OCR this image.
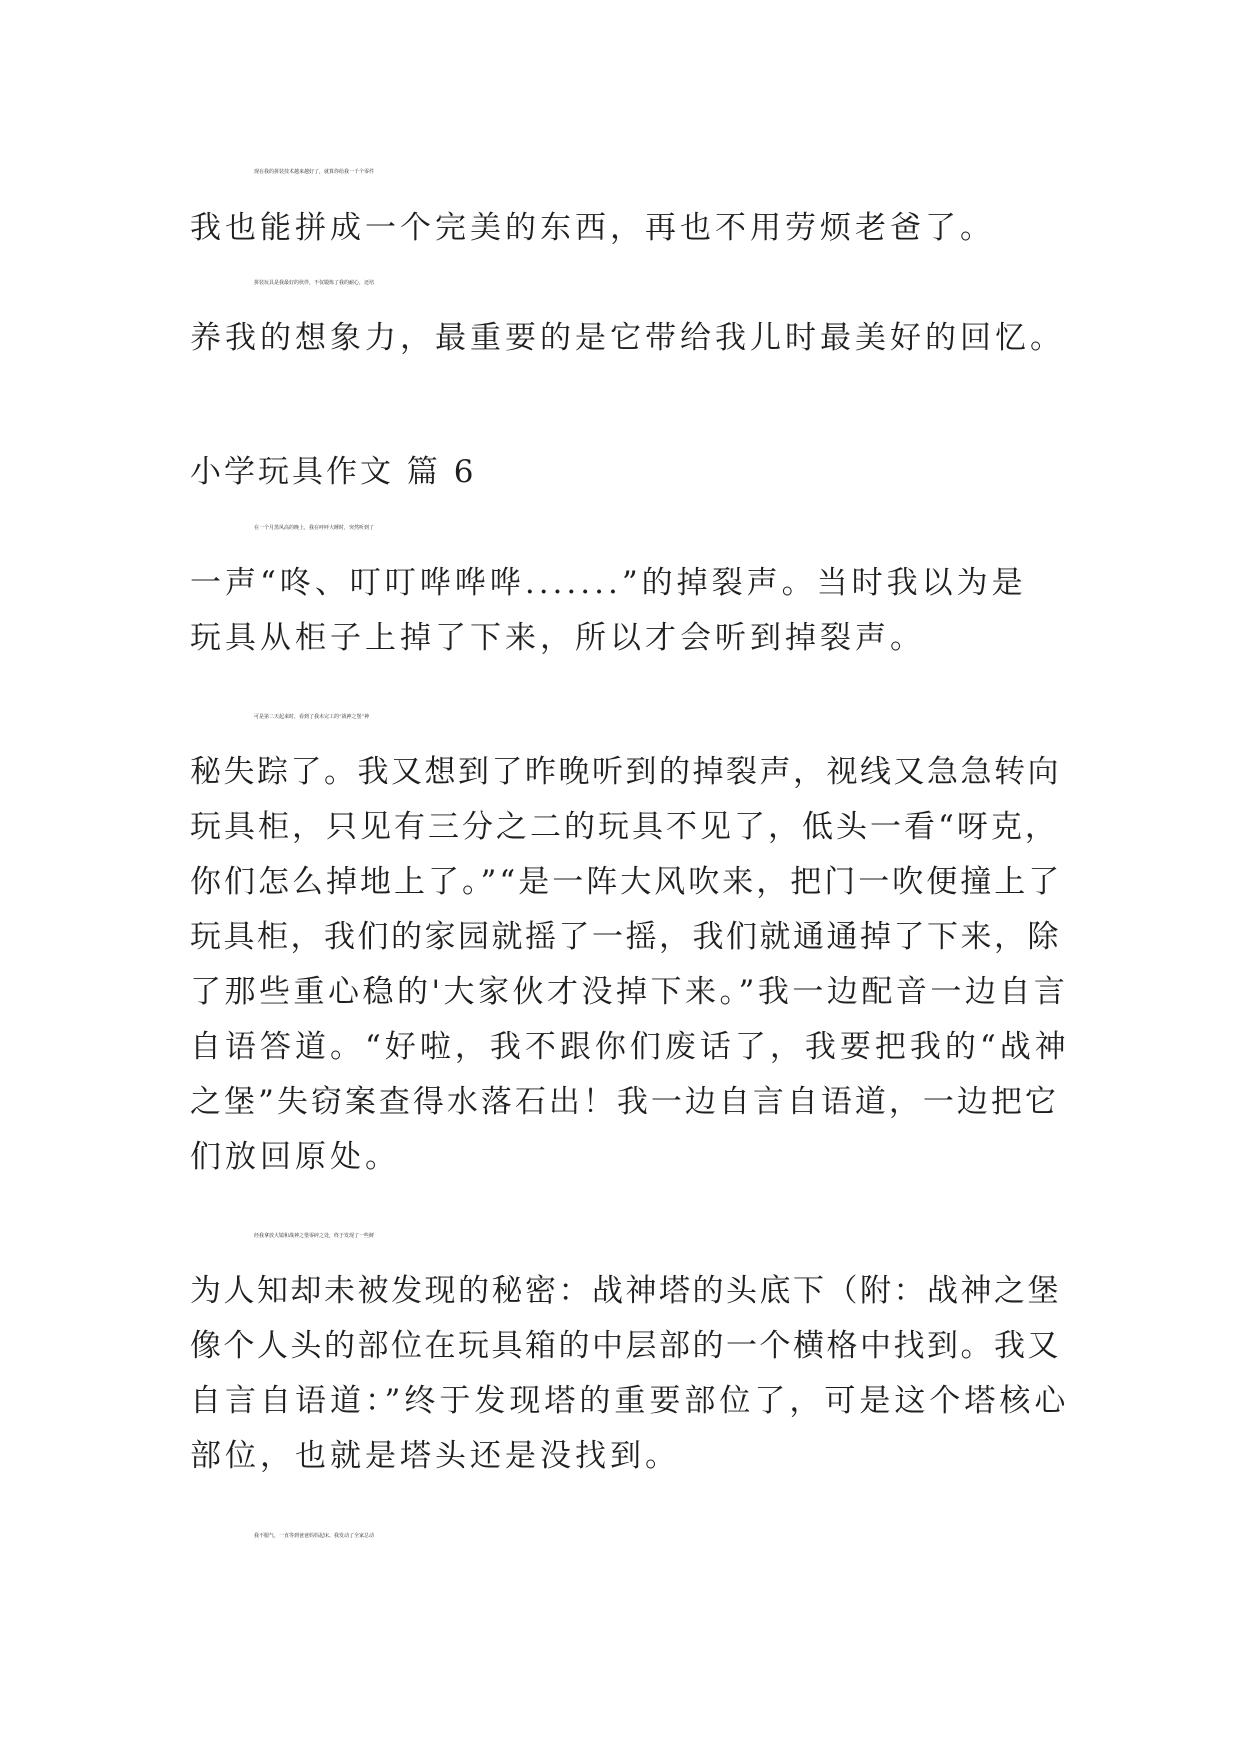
现在我的拼装技术越来越好了，就算你给我一千个零件
我也能拼成一个完美的东西，再也不用劳烦老爸了。
拼装玩具是我最好的伙伴，不仅锻炼了我的耐心，还培
养我的想象力，最重要的是它带给我儿时最美好的回忆。
小学玩具作文 篇 6
在一个月黑风高的晚上，我在呼呼大睡时，突然听到了
一声“咚、叮叮哗哗哗.......”的掉裂声。当时我以为是
玩具从柜子上掉了下来，所以才会听到掉裂声。
可是第二天起来时，看到了我未完工的“战神之堡”神
秘失踪了。我又想到了昨晚听到的掉裂声，视线又急急转向
玩具柜，只见有三分之二的玩具不见了，低头一看“呀克，
你们怎么掉地上了。”“是一阵大风吹来，把门一吹便撞上了
玩具柜，我们的家园就摇了一摇，我们就通通掉了下来，除
了那些重心稳的'大家伙才没掉下来。”我一边配音一边自言
自语答道。“好啦，我不跟你们废话了，我要把我的“战神
之堡”失窃案查得水落石出！我一边自言自语道，一边把它
们放回原处。
经我拿放大镜和战神之堡零碎之处，终于发现了一些鲜
为人知却未被发现的秘密：战神塔的头底下（附：战神之堡
像个人头的部位在玩具箱的中层部的一个横格中找到。我又
自言自语道：”终于发现塔的重要部位了，可是这个塔核心
部位，也就是塔头还是没找到。
我不服气，一直等到爸爸妈妈起床。我发动了全家总动
